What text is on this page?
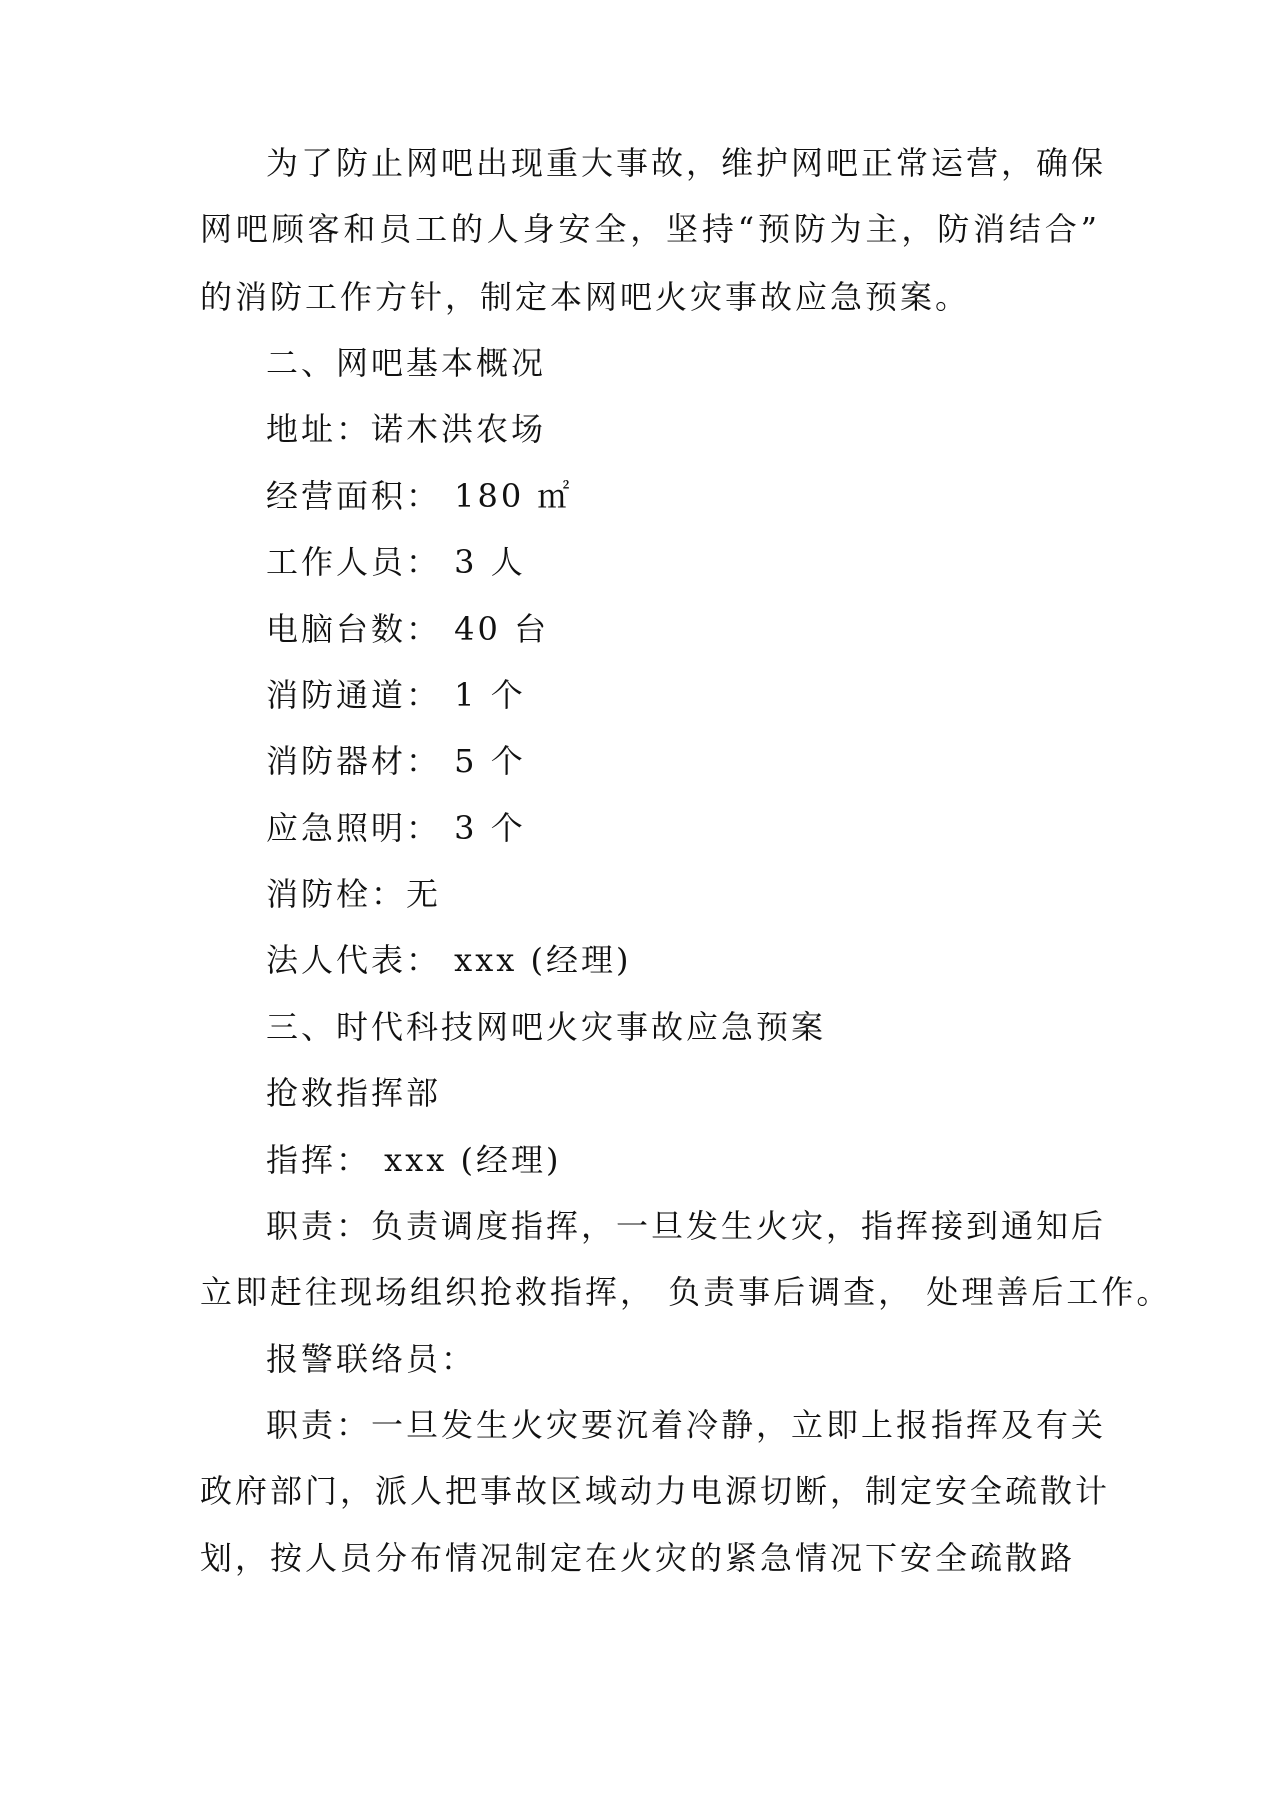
为了防止网吧出现重大事故，维护网吧正常运营，确保
网吧顾客和员工的人身安全，坚持“预防为主，防消结合”
的消防工作方针，制定本网吧火灾事故应急预案。
二、网吧基本概况
地址：诺木洪农场
经营面积： 180 ㎡
工作人员： 3 人
电脑台数： 40 台
消防通道： 1 个
消防器材： 5 个
应急照明： 3 个
消防栓：无
法人代表： xxx (经理)
三、时代科技网吧火灾事故应急预案
抢救指挥部
指挥： xxx (经理)
职责：负责调度指挥，一旦发生火灾，指挥接到通知后
立即赶往现场组织抢救指挥， 负责事后调查， 处理善后工作。
报警联络员：
职责：一旦发生火灾要沉着冷静，立即上报指挥及有关
政府部门，派人把事故区域动力电源切断，制定安全疏散计
划，按人员分布情况制定在火灾的紧急情况下安全疏散路
